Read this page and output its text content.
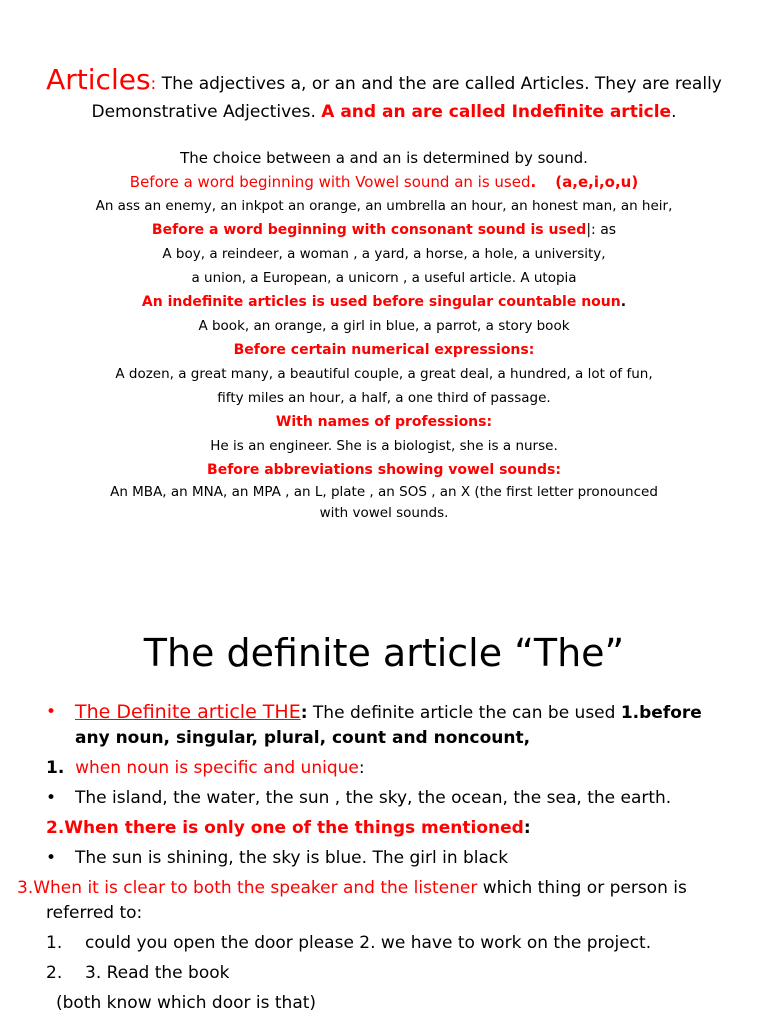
Articles: The adjectives a, or an and the are called Articles. They are really Demonstrative Adjectives. A and an are called Indefinite article.
The choice between a and an is determined by sound.
Before a word beginning with Vowel sound an is used. (a,e,i,o,u)
An ass an enemy, an inkpot an orange, an umbrella an hour, an honest man, an heir,
Before a word beginning with consonant sound is used|: as
A boy, a reindeer, a woman , a yard, a horse, a hole, a university,
a union, a European, a unicorn , a useful article. A utopia
An indefinite articles is used before singular countable noun.
A book, an orange, a girl in blue, a parrot, a story book
Before certain numerical expressions:
A dozen, a great many, a beautiful couple, a great deal, a hundred, a lot of fun,
fifty miles an hour, a half, a one third of passage.
With names of professions:
He is an engineer. She is a biologist, she is a nurse.
Before abbreviations showing vowel sounds:
An MBA, an MNA, an MPA , an L, plate , an SOS , an X (the first letter pronounced with vowel sounds.
The definite article “The”
• The Definite article THE: The definite article the can be used 1.before any noun, singular, plural, count and noncount,
1. when noun is specific and unique:
• The island, the water, the sun , the sky, the ocean, the sea, the earth.
2.When there is only one of the things mentioned:
• The sun is shining, the sky is blue. The girl in black
3.When it is clear to both the speaker and the listener which thing or person is referred to:
1. could you open the door please 2. we have to work on the project.
2. 3. Read the book
(both know which door is that)
